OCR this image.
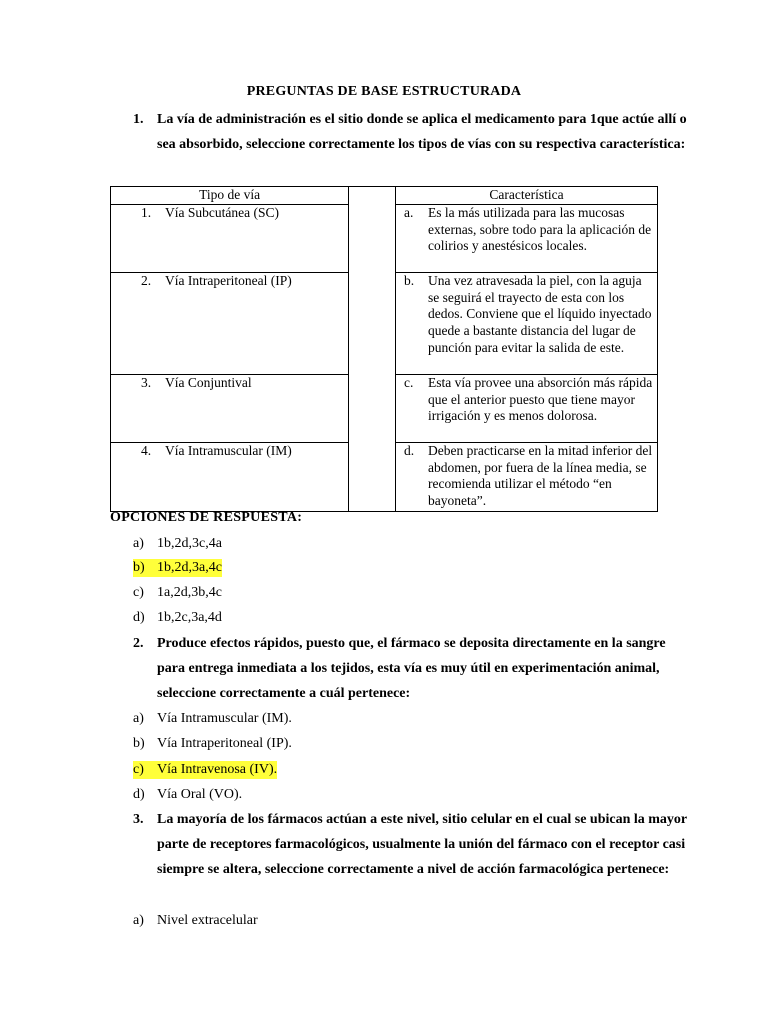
PREGUNTAS DE BASE ESTRUCTURADA
1. La vía de administración es el sitio donde se aplica el medicamento para 1que actúe allí o sea absorbido, seleccione correctamente los tipos de vías con su respectiva característica:
Tipo de vía		Característica

1. Vía Subcutánea (SC)		a. Es la más utilizada para las mucosas externas, sobre todo para la aplicación de colirios y anestésicos locales.

2. Vía Intraperitoneal (IP)		b. Una vez atravesada la piel, con la aguja se seguirá el trayecto de esta con los dedos. Conviene que el líquido inyectado quede a bastante distancia del lugar de punción para evitar la salida de este.

3. Vía Conjuntival		c. Esta vía provee una absorción más rápida que el anterior puesto que tiene mayor irrigación y es menos dolorosa.

4. Vía Intramuscular (IM)		d. Deben practicarse en la mitad inferior del abdomen, por fuera de la línea media, se recomienda utilizar el método “en bayoneta”.
OPCIONES DE RESPUESTA:
a) 1b,2d,3c,4a
b) 1b,2d,3a,4c
c) 1a,2d,3b,4c
d) 1b,2c,3a,4d
2. Produce efectos rápidos, puesto que, el fármaco se deposita directamente en la sangre para entrega inmediata a los tejidos, esta vía es muy útil en experimentación animal, seleccione correctamente a cuál pertenece:
a) Vía Intramuscular (IM).
b) Vía Intraperitoneal (IP).
c) Vía Intravenosa (IV).
d) Vía Oral (VO).
3. La mayoría de los fármacos actúan a este nivel, sitio celular en el cual se ubican la mayor parte de receptores farmacológicos, usualmente la unión del fármaco con el receptor casi siempre se altera, seleccione correctamente a nivel de acción farmacológica pertenece:
a) Nivel extracelular
